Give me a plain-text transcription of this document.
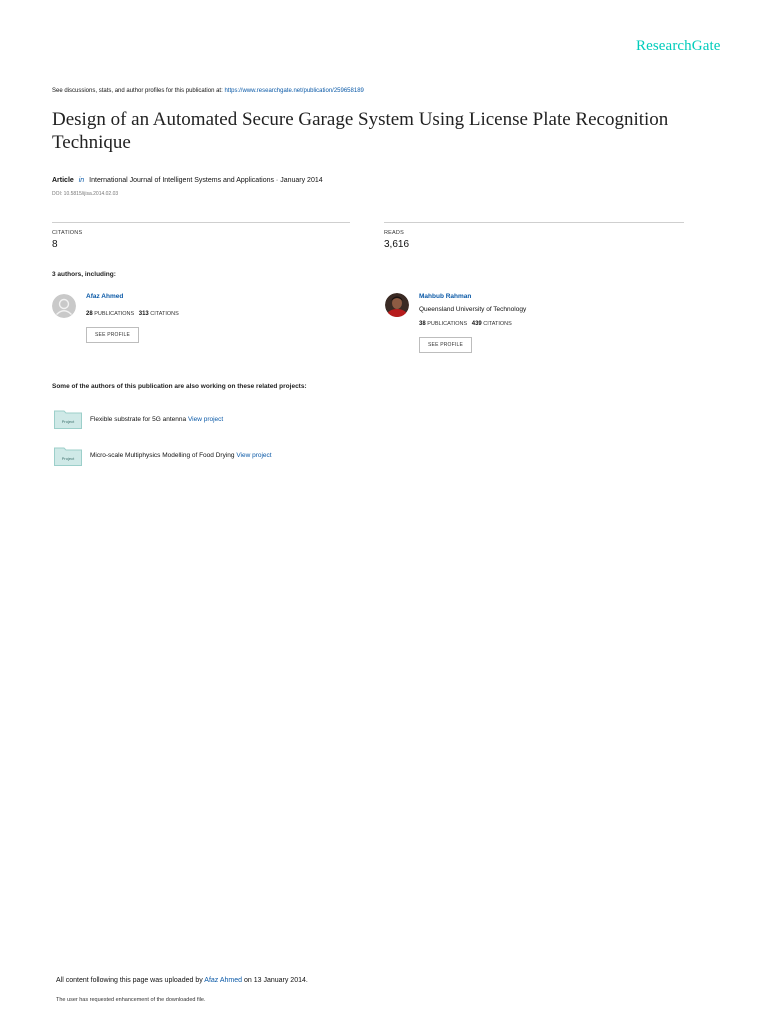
ResearchGate
See discussions, stats, and author profiles for this publication at: https://www.researchgate.net/publication/259658189
Design of an Automated Secure Garage System Using License Plate Recognition Technique
Article in International Journal of Intelligent Systems and Applications · January 2014
DOI: 10.5815/ijisa.2014.02.03
CITATIONS
8
READS
3,616
3 authors, including:
Afaz Ahmed
28 PUBLICATIONS 313 CITATIONS
SEE PROFILE
Mahbub Rahman
Queensland University of Technology
38 PUBLICATIONS 439 CITATIONS
SEE PROFILE
Some of the authors of this publication are also working on these related projects:
Project Flexible substrate for 5G antenna View project
Project Micro-scale Multiphysics Modelling of Food Drying View project
All content following this page was uploaded by Afaz Ahmed on 13 January 2014.
The user has requested enhancement of the downloaded file.
